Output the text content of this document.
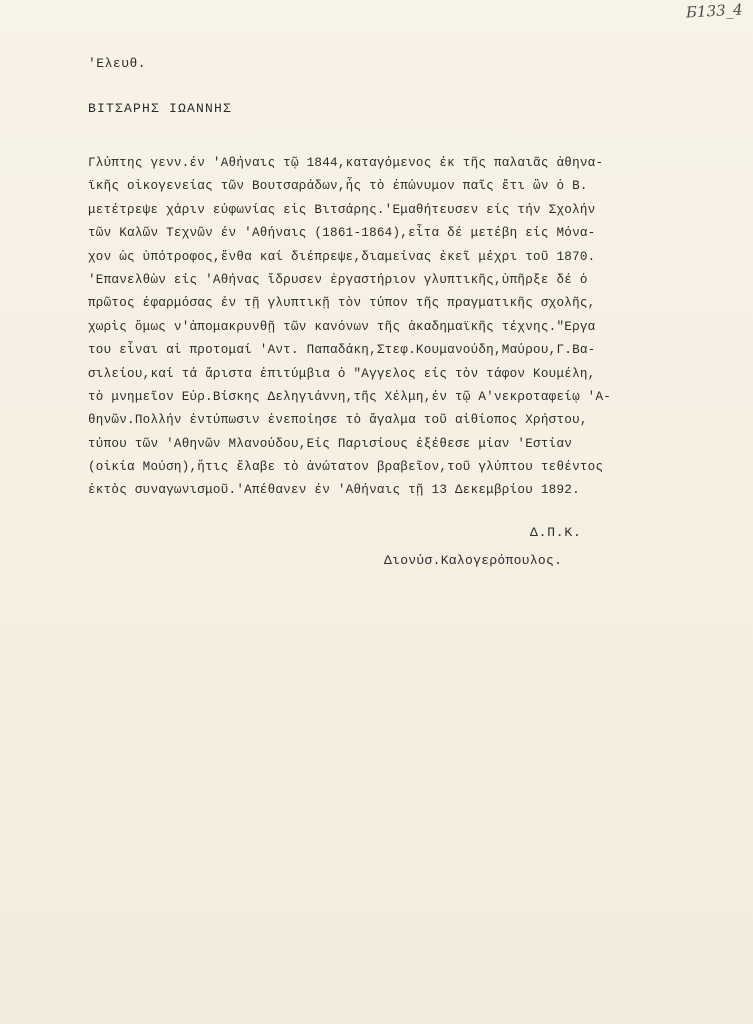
Б133_4
'Ελευθ.
ΒΙΤΣΑΡΗΣ ΙΩΑΝΝΗΣ
Γλύπτης γενν.έν 'Αθήναις τῷ 1844,καταγόμενος έκ τῆς παλαιᾶς ἀθηνα-
ϊκῆς οἰκογενείας τῶν Βουτσαράδων,ἧς τὸ ἐπώνυμον παῖς ἔτι ὢν ὁ Β.
μετέτρεψε χάριν εὐφωνίας εἰς Βιτσάρης.'Εμαθήτευσεν είς τήν Σχολήν
τῶν Καλῶν Τεχνῶν έν 'Αθήναις (1861-1864),εἶτα δέ μετέβη είς Μόνα-
χον ὡς ὑπότροφος,ἔνθα καί διέπρεψε,διαμείνας ἐκεῖ μέχρι τοῦ 1870.
'Επανελθὼν είς 'Αθήνας ἵδρυσεν ἐργαστήριον γλυπτικῆς,ὑπῆρξε δέ ὁ
πρῶτος ἐφαρμόσας έν τῇ γλυπτικῇ τὸν τύπον τῆς πραγματικῆς σχολῆς,
χωρὶς ὅμως ν'ἀπομακρυνθῇ τῶν κανόνων τῆς ἀκαδημαϊκῆς τέχνης."Εργα
του εἶναι αἱ προτομαί 'Αντ. Παπαδάκη,Στεφ.Κουμανούδη,Μαύρου,Γ.Βα-
σιλείου,καί τά ἄριστα ἐπιτύμβια ὁ "Αγγελος είς τὸν τάφον Κουμέλη,
τὸ μνημεῖον Εὐρ.Βίσκης Δεληγιάννη,τῆς Χέλμη,έν τῷ Α'νεκροταφείῳ 'Α-
θηνῶν.Πολλήν ἐντύπωσιν ἐνεποίησε τὸ ἄγαλμα τοῦ αἰθίοπος Χρήστου,
τύπου τῶν 'Αθηνῶν Μλανούδου,Είς Παρισίους ἐξέθεσε μίαν 'Εστίαν
(οἰκία Μούση),ἥτις ἔλαβε τὸ ἀνώτατον βραβεῖον,τοῦ γλύπτου τεθέντος
ἐκτὸς συναγωνισμοῦ.'Απέθανεν έν 'Αθήναις τῇ 13 Δεκεμβρίου 1892.
Δ.Π.Κ.
Διονύσ.Καλογερόπουλος.
